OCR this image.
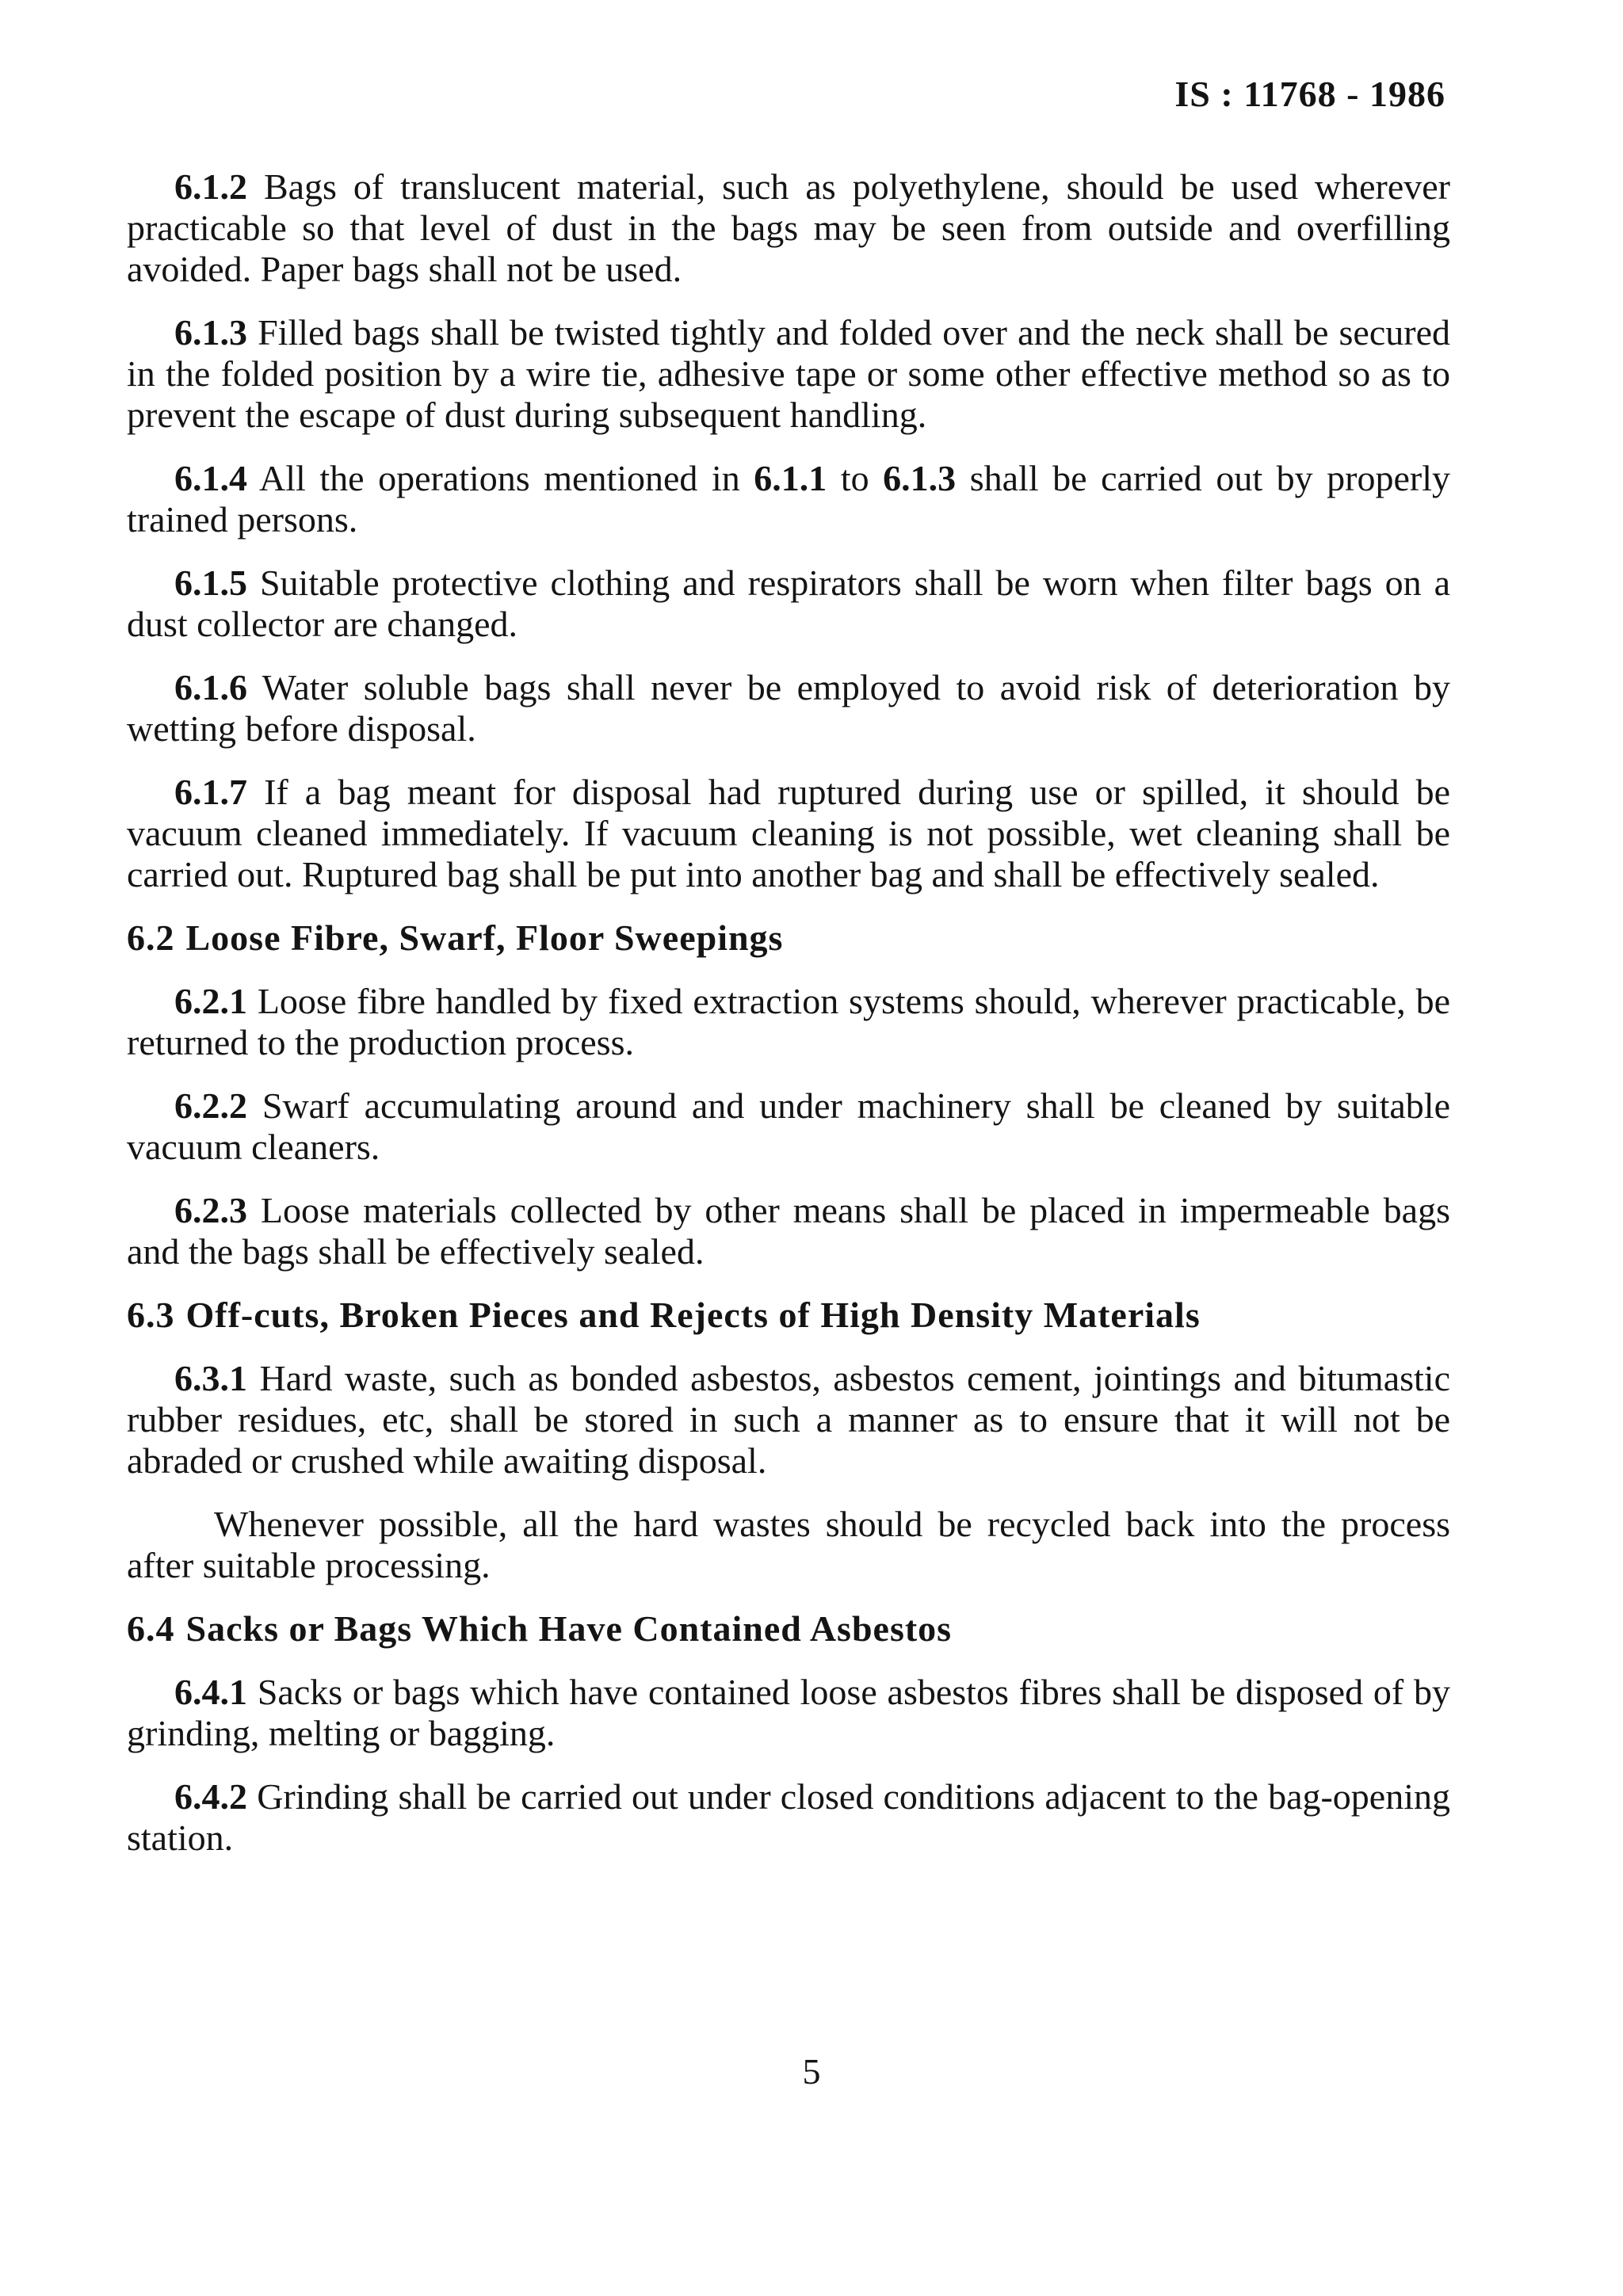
IS : 11768 - 1986

6.1.2 Bags of translucent material, such as polyethylene, should be used wherever practicable so that level of dust in the bags may be seen from outside and overfilling avoided. Paper bags shall not be used.

6.1.3 Filled bags shall be twisted tightly and folded over and the neck shall be secured in the folded position by a wire tie, adhesive tape or some other effective method so as to prevent the escape of dust during subsequent handling.

6.1.4 All the operations mentioned in 6.1.1 to 6.1.3 shall be carried out by properly trained persons.

6.1.5 Suitable protective clothing and respirators shall be worn when filter bags on a dust collector are changed.

6.1.6 Water soluble bags shall never be employed to avoid risk of deterioration by wetting before disposal.

6.1.7 If a bag meant for disposal had ruptured during use or spilled, it should be vacuum cleaned immediately. If vacuum cleaning is not possible, wet cleaning shall be carried out. Ruptured bag shall be put into another bag and shall be effectively sealed.

6.2 Loose Fibre, Swarf, Floor Sweepings

6.2.1 Loose fibre handled by fixed extraction systems should, wherever practicable, be returned to the production process.

6.2.2 Swarf accumulating around and under machinery shall be cleaned by suitable vacuum cleaners.

6.2.3 Loose materials collected by other means shall be placed in impermeable bags and the bags shall be effectively sealed.

6.3 Off-cuts, Broken Pieces and Rejects of High Density Materials

6.3.1 Hard waste, such as bonded asbestos, asbestos cement, jointings and bitumastic rubber residues, etc, shall be stored in such a manner as to ensure that it will not be abraded or crushed while awaiting disposal.

Whenever possible, all the hard wastes should be recycled back into the process after suitable processing.

6.4 Sacks or Bags Which Have Contained Asbestos

6.4.1 Sacks or bags which have contained loose asbestos fibres shall be disposed of by grinding, melting or bagging.

6.4.2 Grinding shall be carried out under closed conditions adjacent to the bag-opening station.

5
